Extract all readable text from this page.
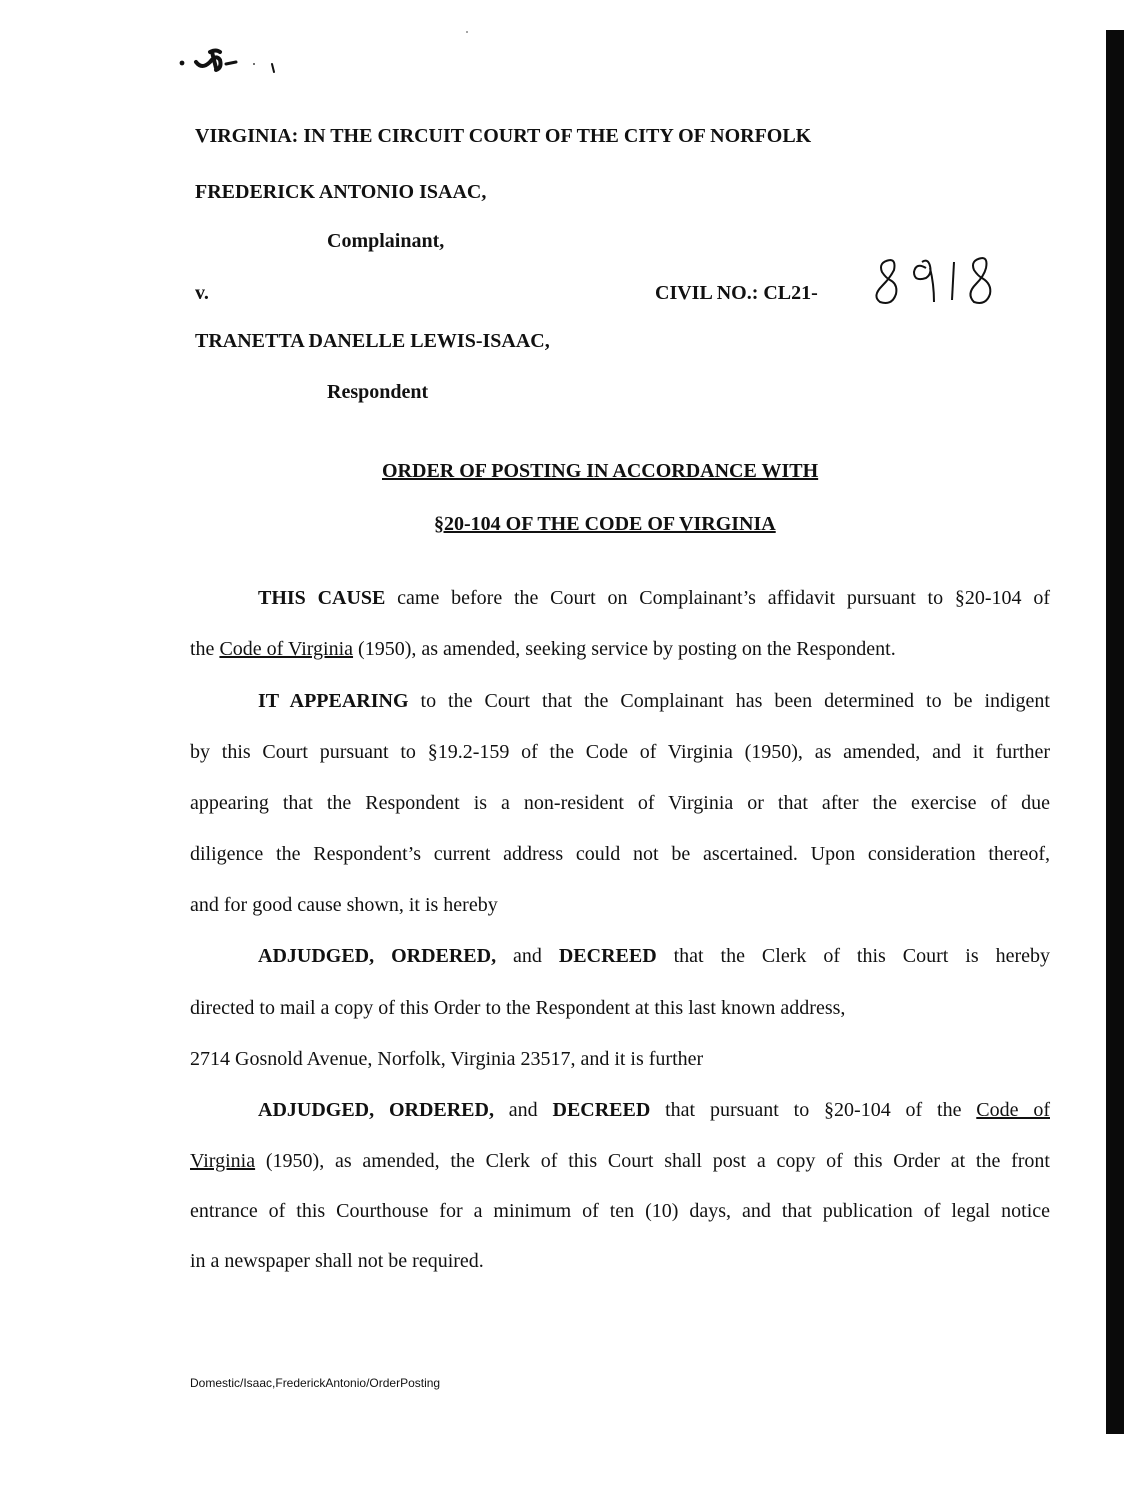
VIRGINIA: IN THE CIRCUIT COURT OF THE CITY OF NORFOLK
FREDERICK ANTONIO ISAAC,
Complainant,
v.	CIVIL NO.: CL21-
TRANETTA DANELLE LEWIS-ISAAC,
Respondent
ORDER OF POSTING IN ACCORDANCE WITH
§20-104 OF THE CODE OF VIRGINIA
THIS CAUSE came before the Court on Complainant’s affidavit pursuant to §20-104 of
the Code of Virginia (1950), as amended, seeking service by posting on the Respondent.
IT APPEARING to the Court that the Complainant has been determined to be indigent
by this Court pursuant to §19.2-159 of the Code of Virginia (1950), as amended, and it further
appearing that the Respondent is a non-resident of Virginia or that after the exercise of due
diligence the Respondent’s current address could not be ascertained. Upon consideration thereof,
and for good cause shown, it is hereby
ADJUDGED, ORDERED, and DECREED that the Clerk of this Court is hereby
directed to mail a copy of this Order to the Respondent at this last known address,
2714 Gosnold Avenue, Norfolk, Virginia 23517, and it is further
ADJUDGED, ORDERED, and DECREED that pursuant to §20-104 of the Code of
Virginia (1950), as amended, the Clerk of this Court shall post a copy of this Order at the front
entrance of this Courthouse for a minimum of ten (10) days, and that publication of legal notice
in a newspaper shall not be required.
Domestic/Isaac,FrederickAntonio/OrderPosting
